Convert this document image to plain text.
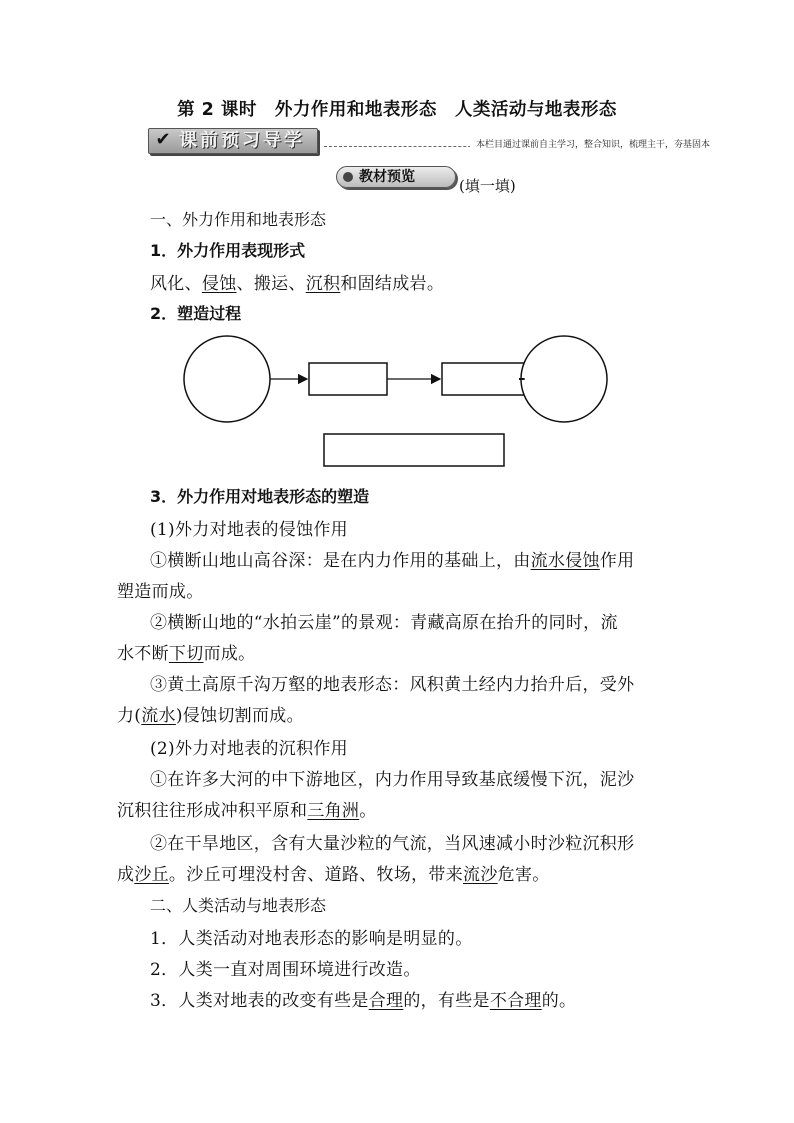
第 2 课时　外力作用和地表形态　人类活动与地表形态
✔ 课前预习导学	本栏目通过课前自主学习，整合知识，梳理主干，夯基固本
教材预览	(填一填)
一、外力作用和地表形态
1．外力作用表现形式
风化、侵蚀、搬运、沉积和固结成岩。
2．塑造过程
3．外力作用对地表形态的塑造
(1)外力对地表的侵蚀作用
①横断山地山高谷深：是在内力作用的基础上，由流水侵蚀作用
塑造而成。
②横断山地的“水拍云崖”的景观：青藏高原在抬升的同时，流
水不断下切而成。
③黄土高原千沟万壑的地表形态：风积黄土经内力抬升后，受外
力(流水)侵蚀切割而成。
(2)外力对地表的沉积作用
①在许多大河的中下游地区，内力作用导致基底缓慢下沉，泥沙
沉积往往形成冲积平原和三角洲。
②在干旱地区，含有大量沙粒的气流，当风速减小时沙粒沉积形
成沙丘。沙丘可埋没村舍、道路、牧场，带来流沙危害。
二、人类活动与地表形态
1．人类活动对地表形态的影响是明显的。
2．人类一直对周围环境进行改造。
3．人类对地表的改变有些是合理的，有些是不合理的。
